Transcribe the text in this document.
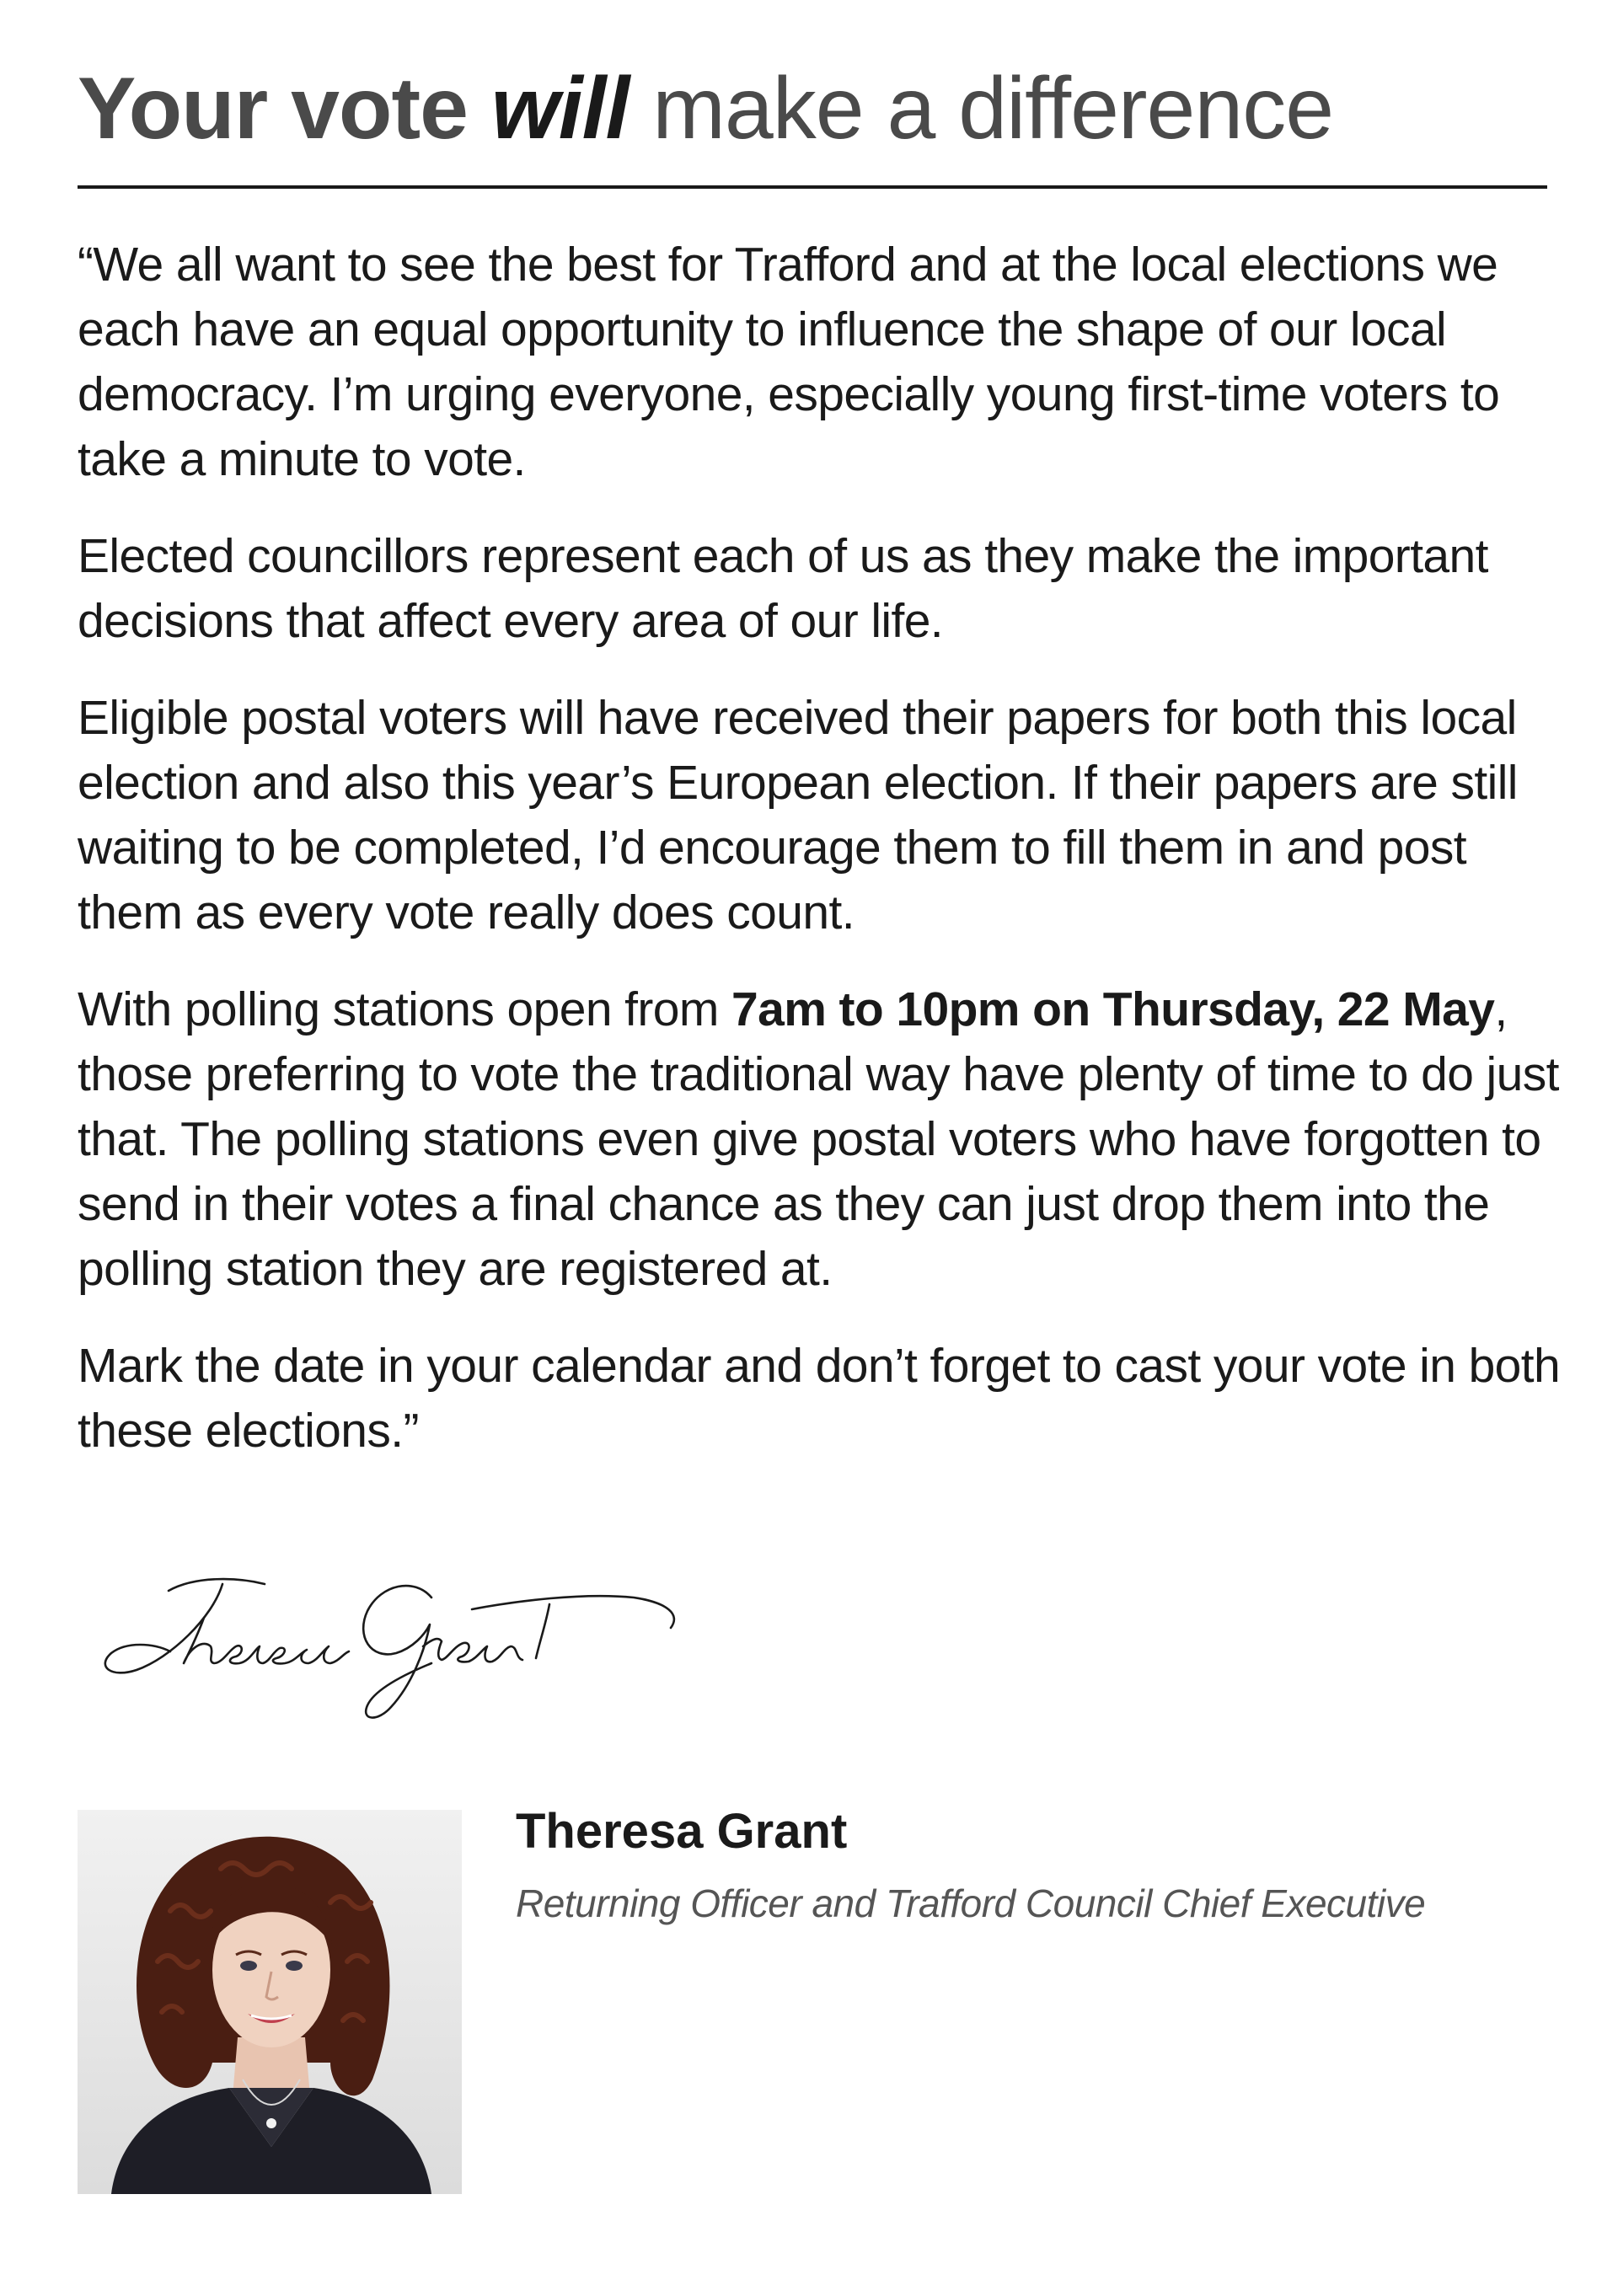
Your vote will make a difference

“We all want to see the best for Trafford and at the local elections we each have an equal opportunity to influence the shape of our local democracy. I’m urging everyone, especially young first-time voters to take a minute to vote.

Elected councillors represent each of us as they make the important decisions that affect every area of our life.

Eligible postal voters will have received their papers for both this local election and also this year’s European election. If their papers are still waiting to be completed, I’d encourage them to fill them in and post them as every vote really does count.

With polling stations open from 7am to 10pm on Thursday, 22 May, those preferring to vote the traditional way have plenty of time to do just that. The polling stations even give postal voters who have forgotten to send in their votes a final chance as they can just drop them into the polling station they are registered at.

Mark the date in your calendar and don’t forget to cast your vote in both these elections.”

Theresa Grant
Returning Officer and Trafford Council Chief Executive
